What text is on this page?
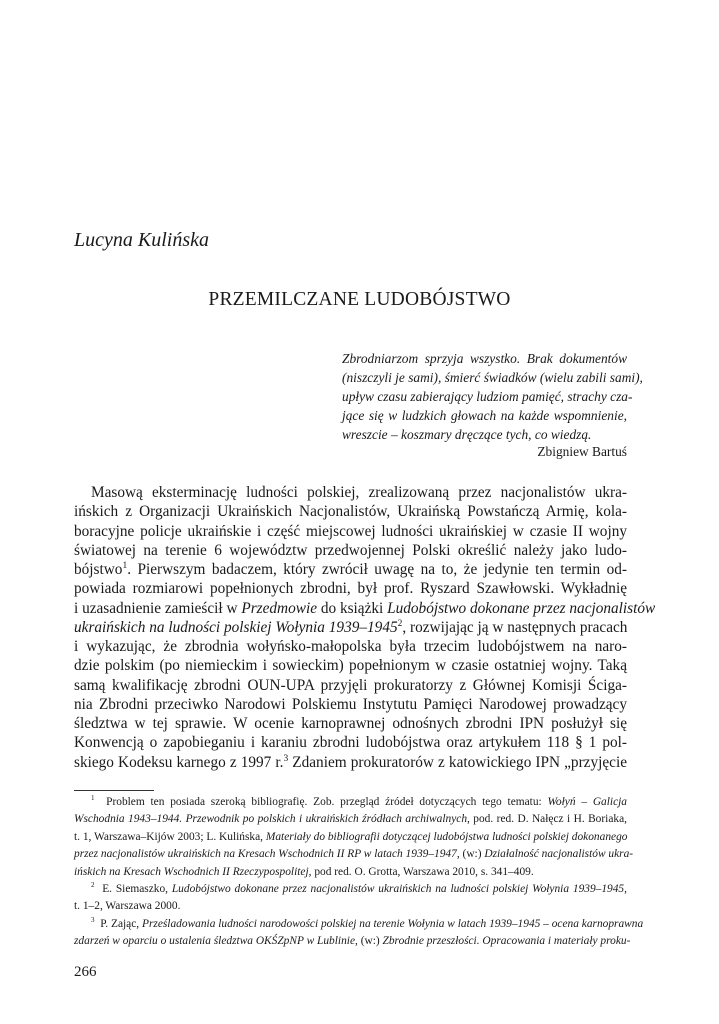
Lucyna Kulińska
PRZEMILCZANE LUDOBÓJSTWO
Zbrodniarzom sprzyja wszystko. Brak dokumentów
(niszczyli je sami), śmierć świadków (wielu zabili sami),
upływ czasu zabierający ludziom pamięć, strachy cza-
jące się w ludzkich głowach na każde wspomnienie,
wreszcie – koszmary dręczące tych, co wiedzą.
Zbigniew Bartuś
Masową eksterminację ludności polskiej, zrealizowaną przez nacjonalistów ukra-
ińskich z Organizacji Ukraińskich Nacjonalistów, Ukraińską Powstańczą Armię, kola-
boracyjne policje ukraińskie i część miejscowej ludności ukraińskiej w czasie II wojny
światowej na terenie 6 województw przedwojennej Polski określić należy jako ludo-
bójstwo$^1$. Pierwszym badaczem, który zwrócił uwagę na to, że jedynie ten termin od-
powiada rozmiarowi popełnionych zbrodni, był prof. Ryszard Szawłowski. Wykładnię
i uzasadnienie zamieścił w Przedmowie do książki Ludobójstwo dokonane przez nacjonalistów
ukraińskich na ludności polskiej Wołynia 1939–1945$^2$, rozwijając ją w następnych pracach
i wykazując, że zbrodnia wołyńsko-małopolska była trzecim ludobójstwem na naro-
dzie polskim (po niemieckim i sowieckim) popełnionym w czasie ostatniej wojny. Taką
samą kwalifikację zbrodni OUN-UPA przyjęli prokuratorzy z Głównej Komisji Ściga-
nia Zbrodni przeciwko Narodowi Polskiemu Instytutu Pamięci Narodowej prowadzący
śledztwa w tej sprawie. W ocenie karnoprawnej odnośnych zbrodni IPN posłużył się
Konwencją o zapobieganiu i karaniu zbrodni ludobójstwa oraz artykułem 118 § 1 pol-
skiego Kodeksu karnego z 1997 r.$^3$ Zdaniem prokuratorów z katowickiego IPN „przyjęcie
$^1$ Problem ten posiada szeroką bibliografię. Zob. przegląd źródeł dotyczących tego tematu: Wołyń – Galicja
Wschodnia 1943–1944. Przewodnik po polskich i ukraińskich źródłach archiwalnych, pod. red. D. Nałęcz i H. Boriaka,
t. 1, Warszawa–Kijów 2003; L. Kulińska, Materiały do bibliografii dotyczącej ludobójstwa ludności polskiej dokonanego
przez nacjonalistów ukraińskich na Kresach Wschodnich II RP w latach 1939–1947, (w:) Działalność nacjonalistów ukra-
ińskich na Kresach Wschodnich II Rzeczypospolitej, pod red. O. Grotta, Warszawa 2010, s. 341–409.
$^2$ E. Siemaszko, Ludobójstwo dokonane przez nacjonalistów ukraińskich na ludności polskiej Wołynia 1939–1945,
t. 1–2, Warszawa 2000.
$^3$ P. Zając, Prześladowania ludności narodowości polskiej na terenie Wołynia w latach 1939–1945 – ocena karnoprawna
zdarzeń w oparciu o ustalenia śledztwa OKŚZpNP w Lublinie, (w:) Zbrodnie przeszłości. Opracowania i materiały proku-
266
